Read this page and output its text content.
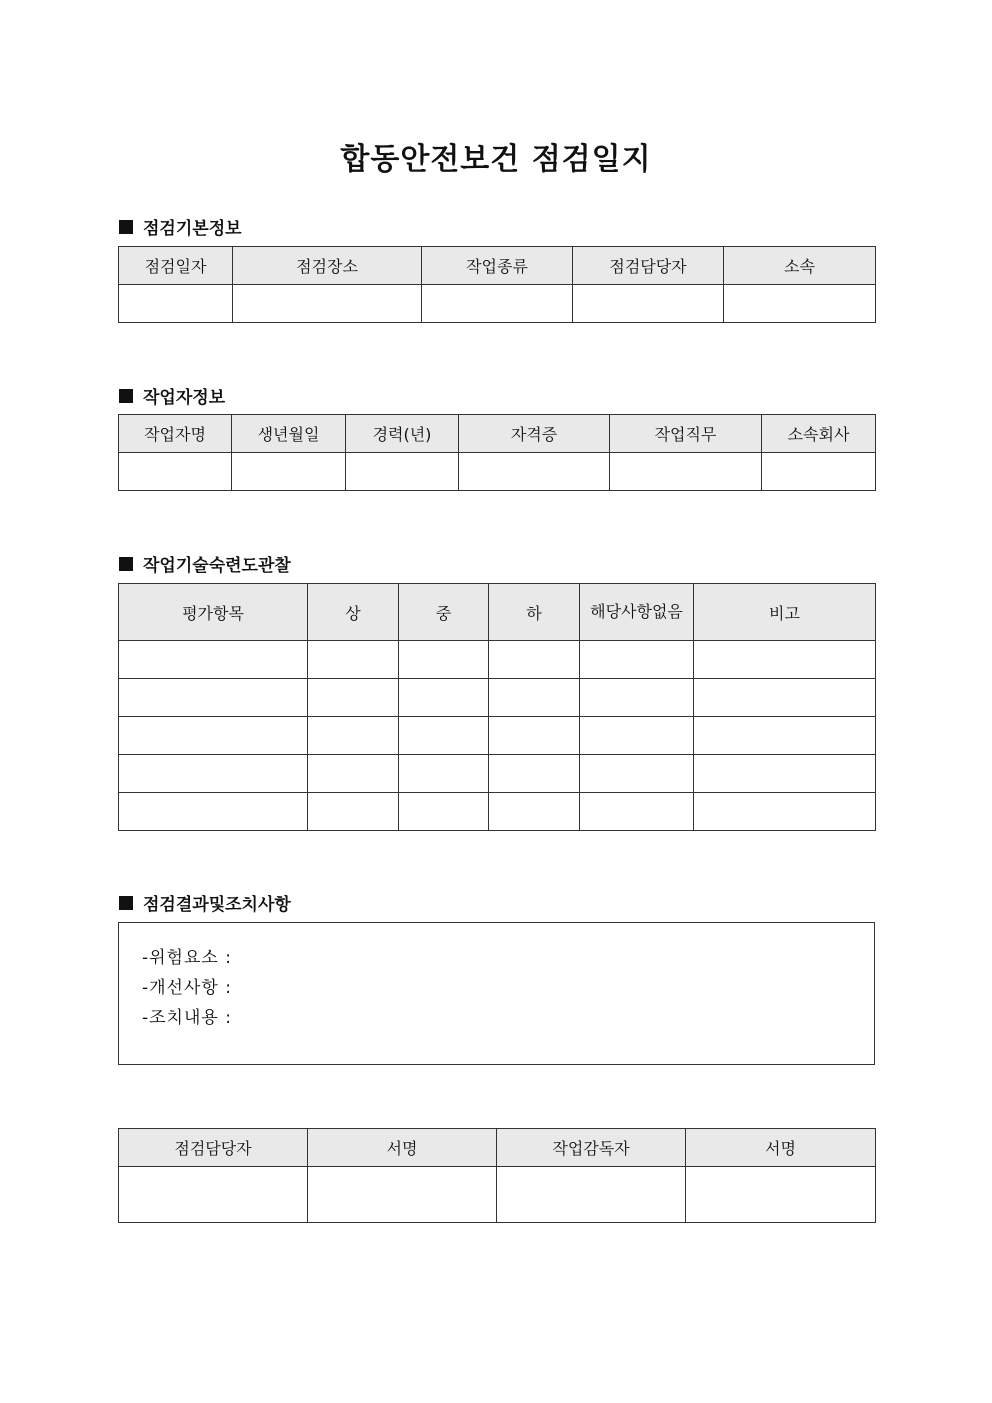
합동안전보건 점검일지
점검기본정보
점검일자	점검장소	작업종류	점검담당자	소속

작업자정보
작업자명	생년월일	경력(년)	자격증	작업직무	소속회사

작업기술숙련도관찰
평가항목	상	중	하	해당사항없음	비고

점검결과및조치사항
-위험요소 :
-개선사항 :
-조치내용 :
점검담당자	서명	작업감독자	서명
